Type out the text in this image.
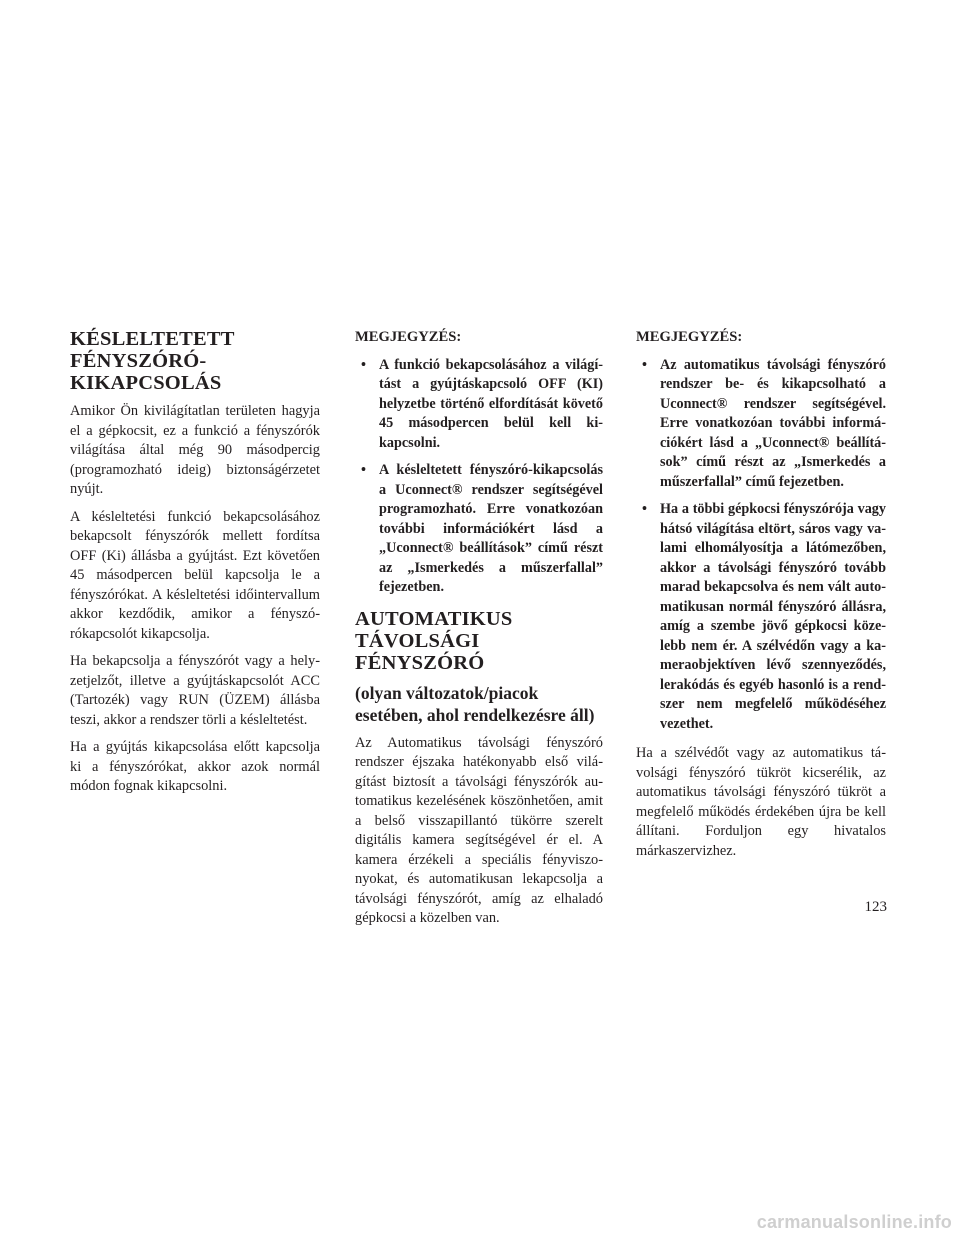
KÉSLELTETETT FÉNYSZÓRÓ-KIKAPCSOLÁS

Amikor Ön kivilágítatlan területen hagyja el a gépkocsit, ez a funkció a fényszórók világítása által még 90 másodpercig (programozható ideig) biztonságérzetet nyújt.

A késleltetési funkció bekapcsolásához bekapcsolt fényszórók mellett fordítsa OFF (Ki) állásba a gyújtást. Ezt követően 45 másodpercen belül kapcsolja le a fényszórókat. A késleltetési időintervallum akkor kezdődik, amikor a fényszórókapcsolót kikapcsolja.

Ha bekapcsolja a fényszórót vagy a helyzetjelzőt, illetve a gyújtáskapcsolót ACC (Tartozék) vagy RUN (ÜZEM) állásba teszi, akkor a rendszer törli a késleltetést.

Ha a gyújtás kikapcsolása előtt kapcsolja ki a fényszórókat, akkor azok normál módon fognak kikapcsolni.

MEGJEGYZÉS:
• A funkció bekapcsolásához a világítást a gyújtáskapcsoló OFF (KI) helyzetbe történő elfordítását követő 45 másodpercen belül kell kikapcsolni.
• A késleltetett fényszóró-kikapcsolás a Uconnect® rendszer segítségével programozható. Erre vonatkozóan további információkért lásd a „Uconnect® beállítások” című részt az „Ismerkedés a műszerfallal” fejezetben.
AUTOMATIKUS TÁVOLSÁGI FÉNYSZÓRÓ
(olyan változatok/piacok esetében, ahol rendelkezésre áll)

Az Automatikus távolsági fényszóró rendszer éjszaka hatékonyabb első világítást biztosít a távolsági fényszórók automatikus kezelésének köszönhetően, amit a belső visszapillantó tükörre szerelt digitális kamera segítségével ér el. A kamera érzékeli a speciális fényviszonyokat, és automatikusan lekapcsolja a távolsági fényszórót, amíg az elhaladó gépkocsi a közelben van.

MEGJEGYZÉS:
• Az automatikus távolsági fényszóró rendszer be- és kikapcsolható a Uconnect® rendszer segítségével. Erre vonatkozóan további információkért lásd a „Uconnect® beállítások” című részt az „Ismerkedés a műszerfallal” című fejezetben.
• Ha a többi gépkocsi fényszórója vagy hátsó világítása eltört, sáros vagy valami elhomályosítja a látómezőben, akkor a távolsági fényszóró tovább marad bekapcsolva és nem vált automatikusan normál fényszóró állásra, amíg a szembe jövő gépkocsi közelebb nem ér. A szélvédőn vagy a kameraobjektíven lévő szennyeződés, lerakódás és egyéb hasonló is a rendszer nem megfelelő működéséhez vezethet.

Ha a szélvédőt vagy az automatikus távolsági fényszóró tükröt kicserélik, az automatikus távolsági fényszóró tükröt a megfelelő működés érdekében újra be kell állítani. Forduljon egy hivatalos márkaszervizhez.

123
carmanualsonline.info
